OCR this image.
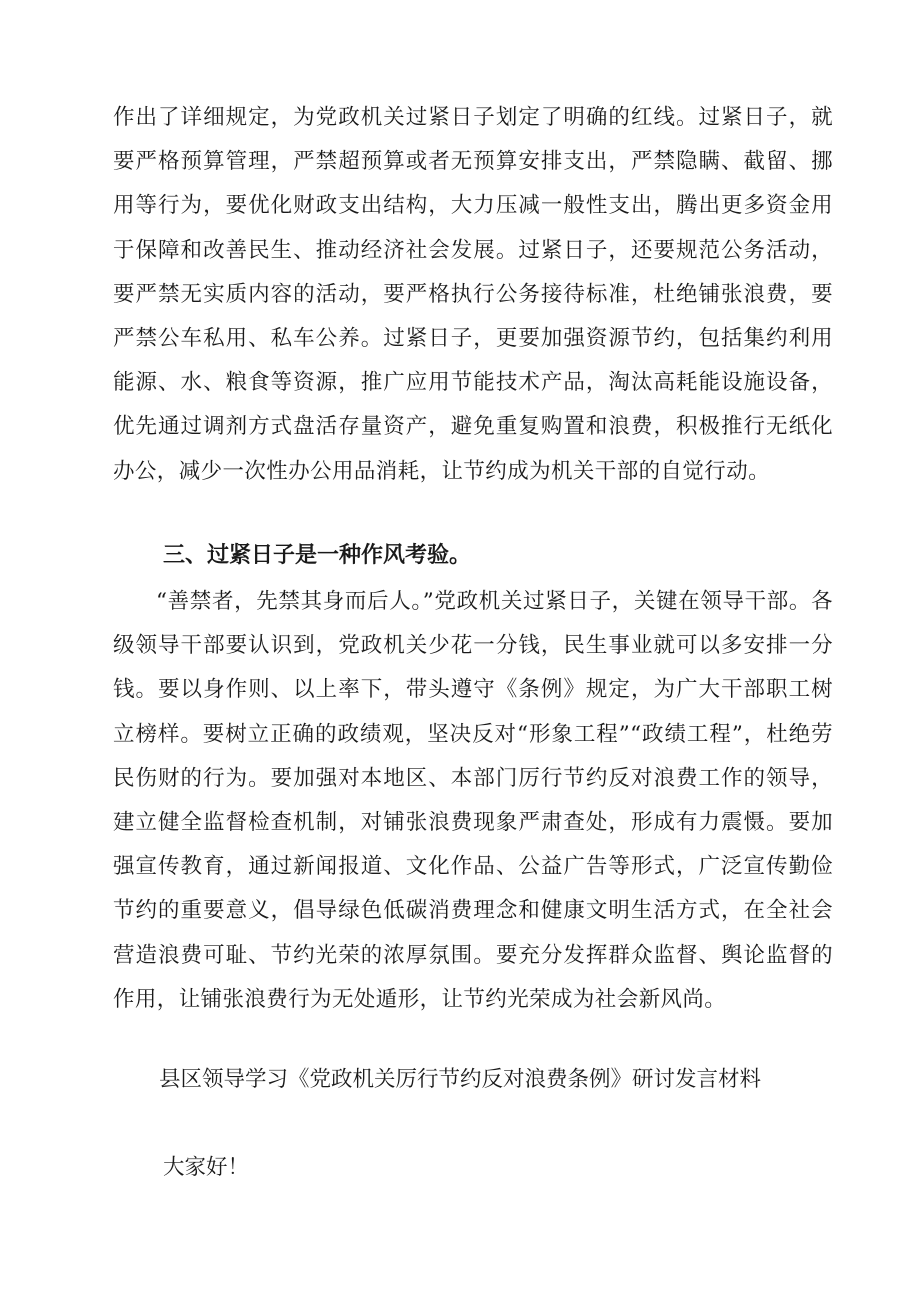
作出了详细规定，为党政机关过紧日子划定了明确的红线。过紧日子，就要严格预算管理，严禁超预算或者无预算安排支出，严禁隐瞒、截留、挪用等行为，要优化财政支出结构，大力压减一般性支出，腾出更多资金用于保障和改善民生、推动经济社会发展。过紧日子，还要规范公务活动，要严禁无实质内容的活动，要严格执行公务接待标准，杜绝铺张浪费，要严禁公车私用、私车公养。过紧日子，更要加强资源节约，包括集约利用能源、水、粮食等资源，推广应用节能技术产品，淘汰高耗能设施设备，优先通过调剂方式盘活存量资产，避免重复购置和浪费，积极推行无纸化办公，减少一次性办公用品消耗，让节约成为机关干部的自觉行动。

三、过紧日子是一种作风考验。

“善禁者，先禁其身而后人。”党政机关过紧日子，关键在领导干部。各级领导干部要认识到，党政机关少花一分钱，民生事业就可以多安排一分钱。要以身作则、以上率下，带头遵守《条例》规定，为广大干部职工树立榜样。要树立正确的政绩观，坚决反对“形象工程”“政绩工程”，杜绝劳民伤财的行为。要加强对本地区、本部门厉行节约反对浪费工作的领导，建立健全监督检查机制，对铺张浪费现象严肃查处，形成有力震慑。要加强宣传教育，通过新闻报道、文化作品、公益广告等形式，广泛宣传勤俭节约的重要意义，倡导绿色低碳消费理念和健康文明生活方式，在全社会营造浪费可耻、节约光荣的浓厚氛围。要充分发挥群众监督、舆论监督的作用，让铺张浪费行为无处遁形，让节约光荣成为社会新风尚。

县区领导学习《党政机关厉行节约反对浪费条例》研讨发言材料

大家好！
